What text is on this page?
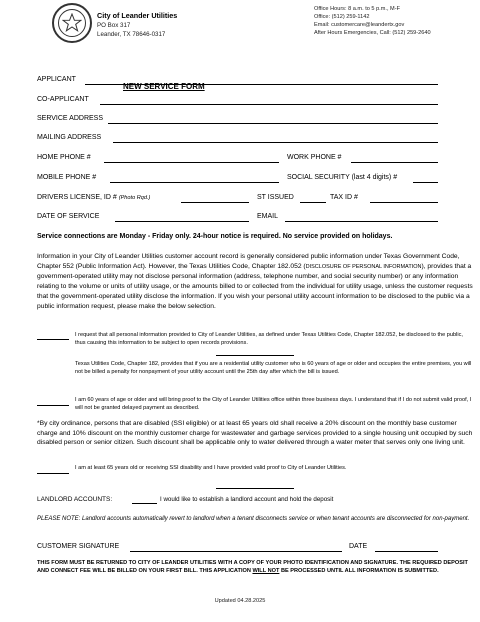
City of Leander Utilities
PO Box 317
Leander, TX 78646-0317
Office Hours: 8 a.m. to 5 p.m., M-F
Office: (512) 259-1142
Email: customercare@leandertx.gov
After Hours Emergencies, Call: (512) 259-2640
NEW SERVICE FORM
APPLICANT
CO-APPLICANT
SERVICE ADDRESS
MAILING ADDRESS
HOME PHONE #	WORK PHONE #
MOBILE PHONE #	SOCIAL SECURITY (last 4 digits) #
DRIVERS LICENSE, ID # (Photo Rqd.)	ST ISSUED	TAX ID #
DATE OF SERVICE	EMAIL
Service connections are Monday - Friday only. 24-hour notice is required. No service provided on holidays.
Information in your City of Leander Utilities customer account record is generally considered public information under Texas Government Code, Chapter 552 (Public Information Act). However, the Texas Utilities Code, Chapter 182.052 (DISCLOSURE OF PERSONAL INFORMATION), provides that a government-operated utility may not disclose personal information (address, telephone number, and social security number) or any information relating to the volume or units of utility usage, or the amounts billed to or collected from the individual for utility usage, unless the customer requests that the government-operated utility disclose the information. If you wish your personal utility account information to be disclosed to the public via a public information request, please make the below selection.
I request that all personal information provided to City of Leander Utilities, as defined under Texas Utilities Code, Chapter 182.052, be disclosed to the public, thus causing this information to be subject to open records provisions.
Texas Utilities Code, Chapter 182, provides that if you are a residential utility customer who is 60 years of age or older and occupies the entire premises, you will not be billed a penalty for nonpayment of your utility account until the 25th day after which the bill is issued.
I am 60 years of age or older and will bring proof to the City of Leander Utilities office within three business days. I understand that if I do not submit valid proof, I will not be granted delayed payment as described.
*By city ordinance, persons that are disabled (SSI eligible) or at least 65 years old shall receive a 20% discount on the monthly base customer charge and 10% discount on the monthly customer charge for wastewater and garbage services provided to a single housing unit occupied by such disabled person or senior citizen. Such discount shall be applicable only to water delivered through a water meter that serves only one living unit.
I am at least 65 years old or receiving SSI disability and I have provided valid proof to City of Leander Utilities.
LANDLORD ACCOUNTS:	I would like to establish a landlord account and hold the deposit
PLEASE NOTE: Landlord accounts automatically revert to landlord when a tenant disconnects service or when tenant accounts are disconnected for non-payment.
CUSTOMER SIGNATURE	DATE
THIS FORM MUST BE RETURNED TO CITY OF LEANDER UTILITIES WITH A COPY OF YOUR PHOTO IDENTIFICATION AND SIGNATURE. THE REQUIRED DEPOSIT AND CONNECT FEE WILL BE BILLED ON YOUR FIRST BILL. THIS APPLICATION WILL NOT BE PROCESSED UNTIL ALL INFORMATION IS SUBMITTED.
Updated 04.28.2025
